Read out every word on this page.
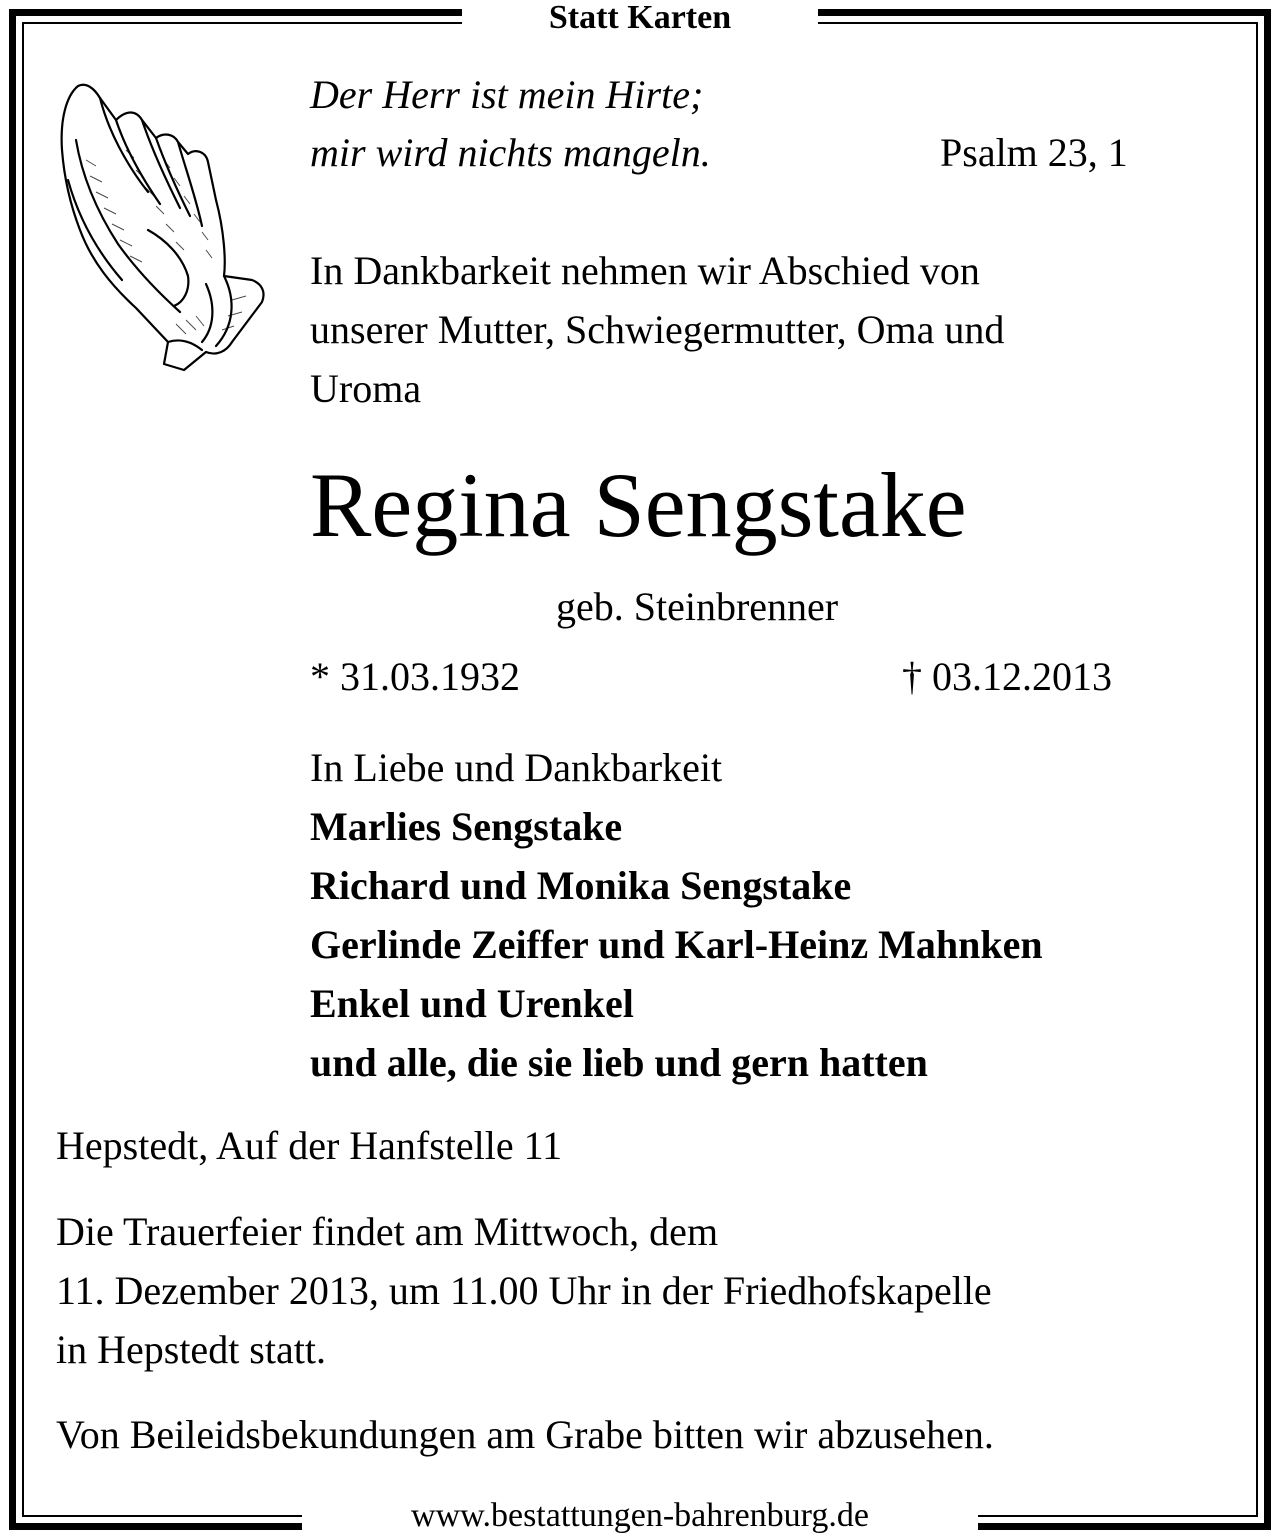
Statt Karten

Der Herr ist mein Hirte;

mir wird nichts mangeln.	Psalm 23, 1

In Dankbarkeit nehmen wir Abschied von

unserer Mutter, Schwiegermutter, Oma und

Uroma

Regina Sengstake

geb. Steinbrenner

* 31.03.1932	† 03.12.2013

In Liebe und Dankbarkeit

Marlies Sengstake

Richard und Monika Sengstake

Gerlinde Zeiffer und Karl-Heinz Mahnken

Enkel und Urenkel

und alle, die sie lieb und gern hatten

Hepstedt, Auf der Hanfstelle 11

Die Trauerfeier findet am Mittwoch, dem

11. Dezember 2013, um 11.00 Uhr in der Friedhofskapelle

in Hepstedt statt.

Von Beileidsbekundungen am Grabe bitten wir abzusehen.

www.bestattungen-bahrenburg.de
